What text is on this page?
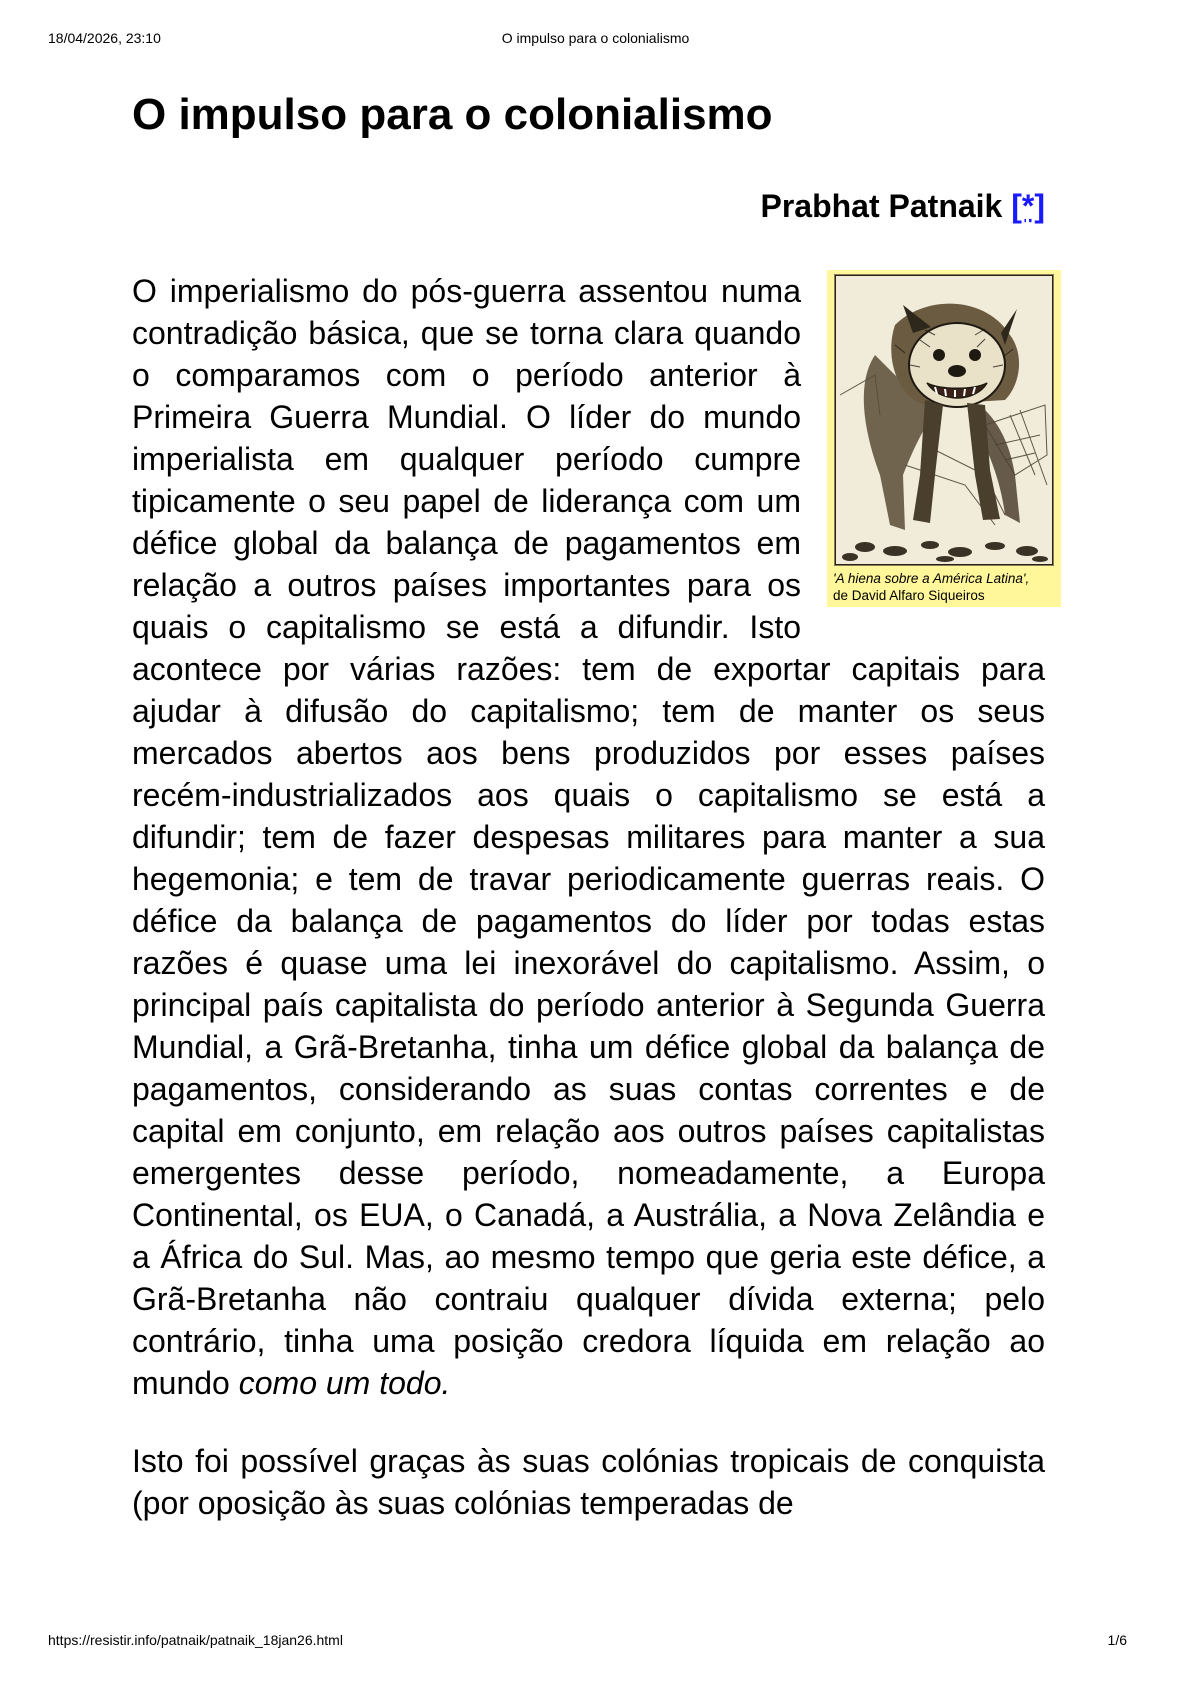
18/04/2026, 23:10	O impulso para o colonialismo
O impulso para o colonialismo
Prabhat Patnaik [*]

'A hiena sobre a América Latina',
de David Alfaro Siqueiros
O imperialismo do pós-guerra assentou numa contradição básica, que se torna clara quando o comparamos com o período anterior à Primeira Guerra Mundial. O líder do mundo imperialista em qualquer período cumpre tipicamente o seu papel de liderança com um défice global da balança de pagamentos em relação a outros países importantes para os quais o capitalismo se está a difundir. Isto acontece por várias razões: tem de exportar capitais para ajudar à difusão do capitalismo; tem de manter os seus mercados abertos aos bens produzidos por esses países recém-industrializados aos quais o capitalismo se está a difundir; tem de fazer despesas militares para manter a sua hegemonia; e tem de travar periodicamente guerras reais. O défice da balança de pagamentos do líder por todas estas razões é quase uma lei inexorável do capitalismo. Assim, o principal país capitalista do período anterior à Segunda Guerra Mundial, a Grã-Bretanha, tinha um défice global da balança de pagamentos, considerando as suas contas correntes e de capital em conjunto, em relação aos outros países capitalistas emergentes desse período, nomeadamente, a Europa Continental, os EUA, o Canadá, a Austrália, a Nova Zelândia e a África do Sul. Mas, ao mesmo tempo que geria este défice, a Grã-Bretanha não contraiu qualquer dívida externa; pelo contrário, tinha uma posição credora líquida em relação ao mundo como um todo.

Isto foi possível graças às suas colónias tropicais de conquista (por oposição às suas colónias temperadas de

https://resistir.info/patnaik/patnaik_18jan26.html	1/6
